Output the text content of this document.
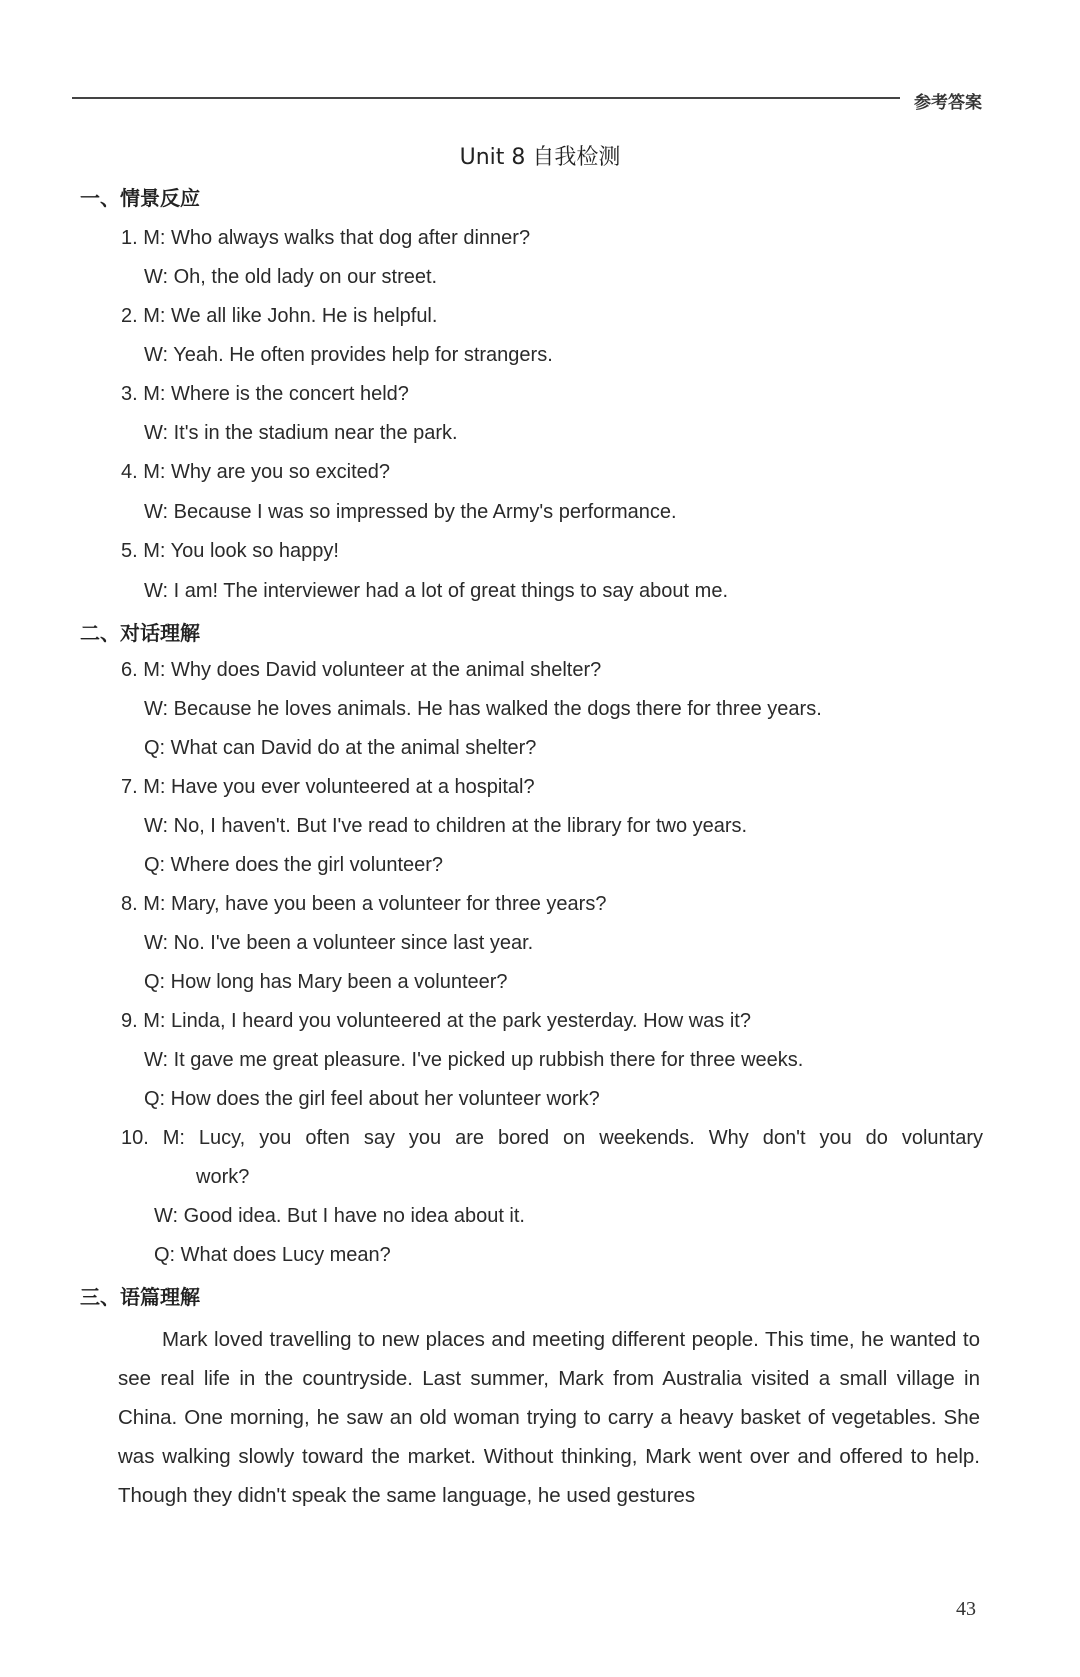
参考答案
Unit 8 自我检测
一、情景反应
1. M: Who always walks that dog after dinner?
W: Oh, the old lady on our street.
2. M: We all like John. He is helpful.
W: Yeah. He often provides help for strangers.
3. M: Where is the concert held?
W: It's in the stadium near the park.
4. M: Why are you so excited?
W: Because I was so impressed by the Army's performance.
5. M: You look so happy!
W: I am! The interviewer had a lot of great things to say about me.
二、对话理解
6. M: Why does David volunteer at the animal shelter?
W: Because he loves animals. He has walked the dogs there for three years.
Q: What can David do at the animal shelter?
7. M: Have you ever volunteered at a hospital?
W: No, I haven't. But I've read to children at the library for two years.
Q: Where does the girl volunteer?
8. M: Mary, have you been a volunteer for three years?
W: No. I've been a volunteer since last year.
Q: How long has Mary been a volunteer?
9. M: Linda, I heard you volunteered at the park yesterday. How was it?
W: It gave me great pleasure. I've picked up rubbish there for three weeks.
Q: How does the girl feel about her volunteer work?
10. M: Lucy, you often say you are bored on weekends. Why don't you do voluntary
work?
W: Good idea. But I have no idea about it.
Q: What does Lucy mean?
三、语篇理解
Mark loved travelling to new places and meeting different people. This time, he wanted to see real life in the countryside. Last summer, Mark from Australia visited a small village in China. One morning, he saw an old woman trying to carry a heavy basket of vegetables. She was walking slowly toward the market. Without thinking, Mark went over and offered to help. Though they didn't speak the same language, he used gestures
43
